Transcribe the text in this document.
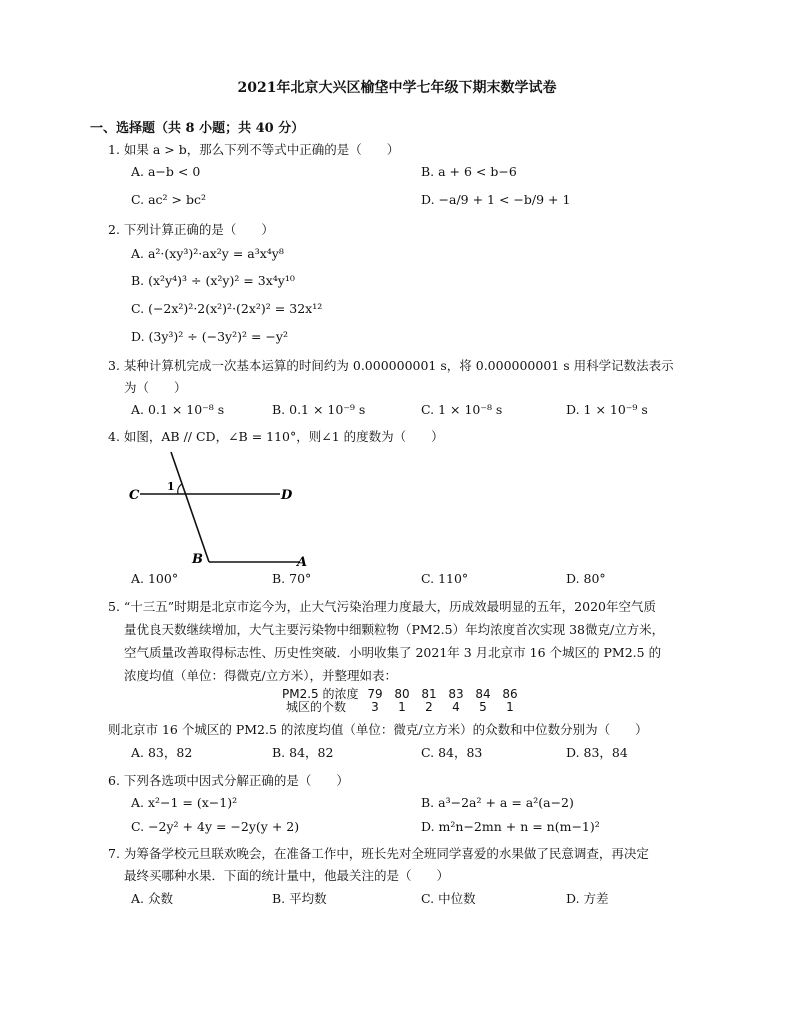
2021年北京大兴区榆垡中学七年级下期末数学试卷
一、选择题（共 8 小题；共 40 分）
1. 如果 a > b，那么下列不等式中正确的是（　　）
A. a−b < 0	B. a + 6 < b−6
C. ac² > bc²	D. −a/9 + 1 < −b/9 + 1
2. 下列计算正确的是（　　）
A. a²·(xy³)²·ax²y = a³x⁴y⁸
B. (x²y⁴)³ ÷ (x²y)² = 3x⁴y¹⁰
C. (−2x²)²·2(x²)²·(2x²)² = 32x¹²
D. (3y³)² ÷ (−3y²)² = −y²
3. 某种计算机完成一次基本运算的时间约为 0.000000001 s，将 0.000000001 s 用科学记数法表示
为（　　）
A. 0.1 × 10⁻⁸ s	B. 0.1 × 10⁻⁹ s	C. 1 × 10⁻⁸ s	D. 1 × 10⁻⁹ s
4. 如图，AB // CD，∠B = 110°，则∠1 的度数为（　　）
C	D
B	A
1
A. 100°	B. 70°	C. 110°	D. 80°
5. “十三五”时期是北京市迄今为，止大气污染治理力度最大，历成效最明显的五年，2020年空气质
量优良天数继续增加，大气主要污染物中细颗粒物（PM2.5）年均浓度首次实现 38微克/立方米，
空气质量改善取得标志性、历史性突破．小明收集了 2021年 3 月北京市 16 个城区的 PM2.5 的
浓度均值（单位：得微克/立方米），并整理如表：
PM2.5 的浓度 79 80 81 83 84 86
城区的个数	3	1	2	4	5	1
则北京市 16 个城区的 PM2.5 的浓度均值（单位：微克/立方米）的众数和中位数分别为（　　）
A. 83，82	B. 84，82	C. 84，83	D. 83，84
6. 下列各选项中因式分解正确的是（　　）
A. x²−1 = (x−1)²	B. a³−2a² + a = a²(a−2)
C. −2y² + 4y = −2y(y + 2)	D. m²n−2mn + n = n(m−1)²
7. 为筹备学校元旦联欢晚会，在准备工作中，班长先对全班同学喜爱的水果做了民意调查，再决定
最终买哪种水果．下面的统计量中，他最关注的是（　　）
A. 众数	B. 平均数	C. 中位数	D. 方差
